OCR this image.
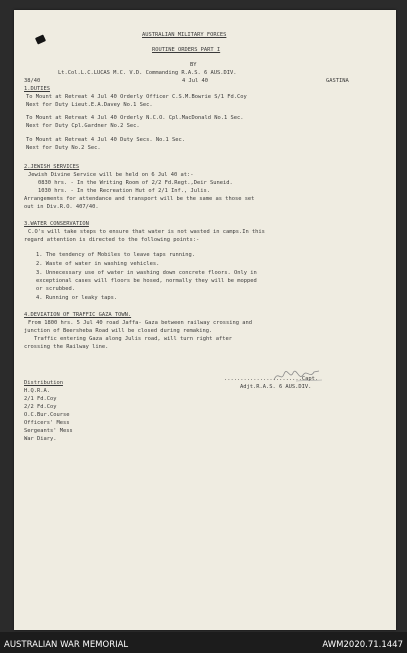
AUSTRALIAN MILITARY FORCES
ROUTINE ORDERS PART I
BY
Lt.Col.L.C.LUCAS M.C. V.D. Commanding R.A.S. 6 AUS.DIV.
38/40	4 Jul 40	GASTINA
1.DUTIES
To Mount at Retreat 4 Jul 40 Orderly Officer C.S.M.Bowrie S/1 Fd.Coy
Next for Duty Lieut.E.A.Davey No.1 Sec.
To Mount at Retreat 4 Jul 40 Orderly N.C.O. Cpl.MacDonald No.1 Sec.
Next for Duty Cpl.Gardner No.2 Sec.
To Mount at Retreat 4 Jul 40 Duty Secs. No.1 Sec.
Next for Duty No.2 Sec.
2.JEWISH SERVICES
Jewish Divine Service will be held on 6 Jul 40 at:-
0830 hrs. - In the Writing Room of 2/2 Fd.Regt.,Deir Suneid.
1030 hrs. - In the Recreation Hut of 2/1 Inf., Julis.
Arrangements for attendance and transport will be the same as those set
out in Div.R.O. 407/40.
3.WATER CONSERVATION
C.O's will take steps to ensure that water is not wasted in camps.In this
regard attention is directed to the following points:-
1. The tendency of Mobiles to leave taps running.
2. Waste of water in washing vehicles.
3. Unnecessary use of water in washing down concrete floors. Only in
exceptional cases will floors be hosed, normally they will be mopped
or scrubbed.
4. Running or leaky taps.
4.DEVIATION OF TRAFFIC GAZA TOWN.
From 1800 hrs. 5 Jul 40 road Jaffa- Gaza between railway crossing and
junction of Beersheba Road will be closed during remaking.
Traffic entering Gaza along Julis road, will turn right after
crossing the Railway line.
........................Capt.
Adjt.R.A.S. 6 AUS.DIV.
Distribution
H.Q.R.A.
2/1 Fd.Coy
2/2 Fd.Coy
O.C.Bur.Course
Officers' Mess
Sergeants' Mess
War Diary.
AUSTRALIAN WAR MEMORIAL	AWM2020.71.1447
